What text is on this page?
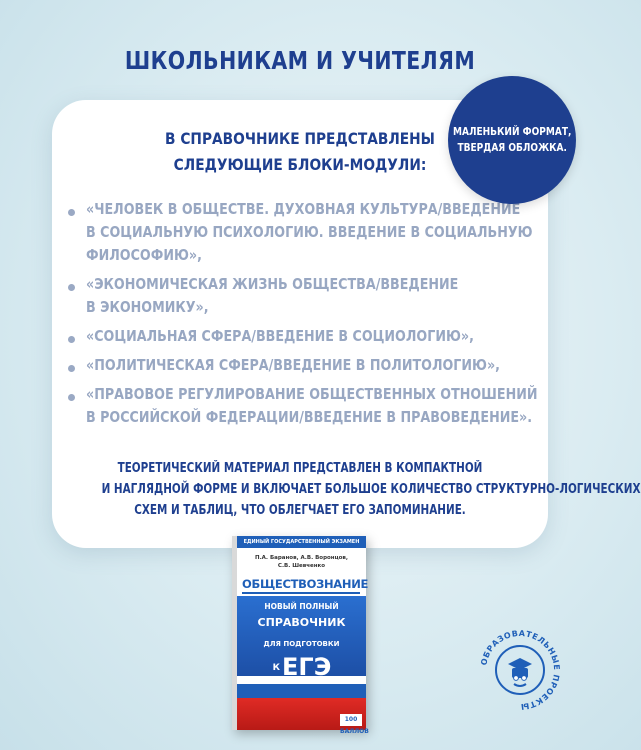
ШКОЛЬНИКАМ И УЧИТЕЛЯМ
В СПРАВОЧНИКЕ ПРЕДСТАВЛЕНЫ
СЛЕДУЮЩИЕ БЛОКИ-МОДУЛИ:
«ЧЕЛОВЕК В ОБЩЕСТВЕ. ДУХОВНАЯ КУЛЬТУРА/ВВЕДЕНИЕ
В СОЦИАЛЬНУЮ ПСИХОЛОГИЮ. ВВЕДЕНИЕ В СОЦИАЛЬНУЮ
ФИЛОСОФИЮ»,
«ЭКОНОМИЧЕСКАЯ ЖИЗНЬ ОБЩЕСТВА/ВВЕДЕНИЕ
В ЭКОНОМИКУ»,
«СОЦИАЛЬНАЯ СФЕРА/ВВЕДЕНИЕ В СОЦИОЛОГИЮ»,
«ПОЛИТИЧЕСКАЯ СФЕРА/ВВЕДЕНИЕ В ПОЛИТОЛОГИЮ»,
«ПРАВОВОЕ РЕГУЛИРОВАНИЕ ОБЩЕСТВЕННЫХ ОТНОШЕНИЙ
В РОССИЙСКОЙ ФЕДЕРАЦИИ/ВВЕДЕНИЕ В ПРАВОВЕДЕНИЕ».
ТЕОРЕТИЧЕСКИЙ МАТЕРИАЛ ПРЕДСТАВЛЕН В КОМПАКТНОЙ
И НАГЛЯДНОЙ ФОРМЕ И ВКЛЮЧАЕТ БОЛЬШОЕ КОЛИЧЕСТВО СТРУКТУРНО-ЛОГИЧЕСКИХ
СХЕМ И ТАБЛИЦ, ЧТО ОБЛЕГЧАЕТ ЕГО ЗАПОМИНАНИЕ.
МАЛЕНЬКИЙ ФОРМАТ,
ТВЕРДАЯ ОБЛОЖКА.
ЕДИНЫЙ ГОСУДАРСТВЕННЫЙ ЭКЗАМЕН
П.А. Баранов, А.В. Воронцов,
С.В. Шевченко
ОБЩЕСТВОЗНАНИЕ
НОВЫЙ ПОЛНЫЙ
СПРАВОЧНИК
ДЛЯ ПОДГОТОВКИ
КЕГЭ
100 БАЛЛОВ
ОБРАЗОВАТЕЛЬНЫЕ ПРОЕКТЫ
